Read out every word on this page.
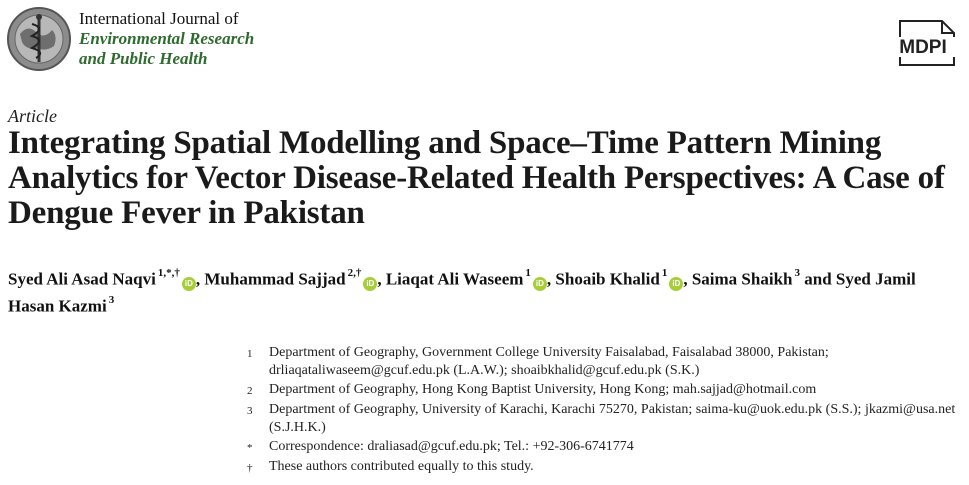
International Journal of
Environmental Research
and Public Health
MDPI
Article
Integrating Spatial Modelling and Space–Time Pattern Mining Analytics for Vector Disease-Related Health Perspectives: A Case of Dengue Fever in Pakistan
Syed Ali Asad Naqvi $^{1,*,\dagger}$iD , Muhammad Sajjad $^{2,\dagger}$iD , Liaqat Ali Waseem $^1$iD , Shoaib Khalid $^1$iD , Saima Shaikh $^3$ and Syed Jamil Hasan Kazmi $^3$
1	Department of Geography, Government College University Faisalabad, Faisalabad 38000, Pakistan; drliaqataliwaseem@gcuf.edu.pk (L.A.W.); shoaibkhalid@gcuf.edu.pk (S.K.)
2	Department of Geography, Hong Kong Baptist University, Hong Kong; mah.sajjad@hotmail.com
3	Department of Geography, University of Karachi, Karachi 75270, Pakistan; saima-ku@uok.edu.pk (S.S.); jkazmi@usa.net (S.J.H.K.)
*	Correspondence: draliasad@gcuf.edu.pk; Tel.: +92-306-6741774
†	These authors contributed equally to this study.
